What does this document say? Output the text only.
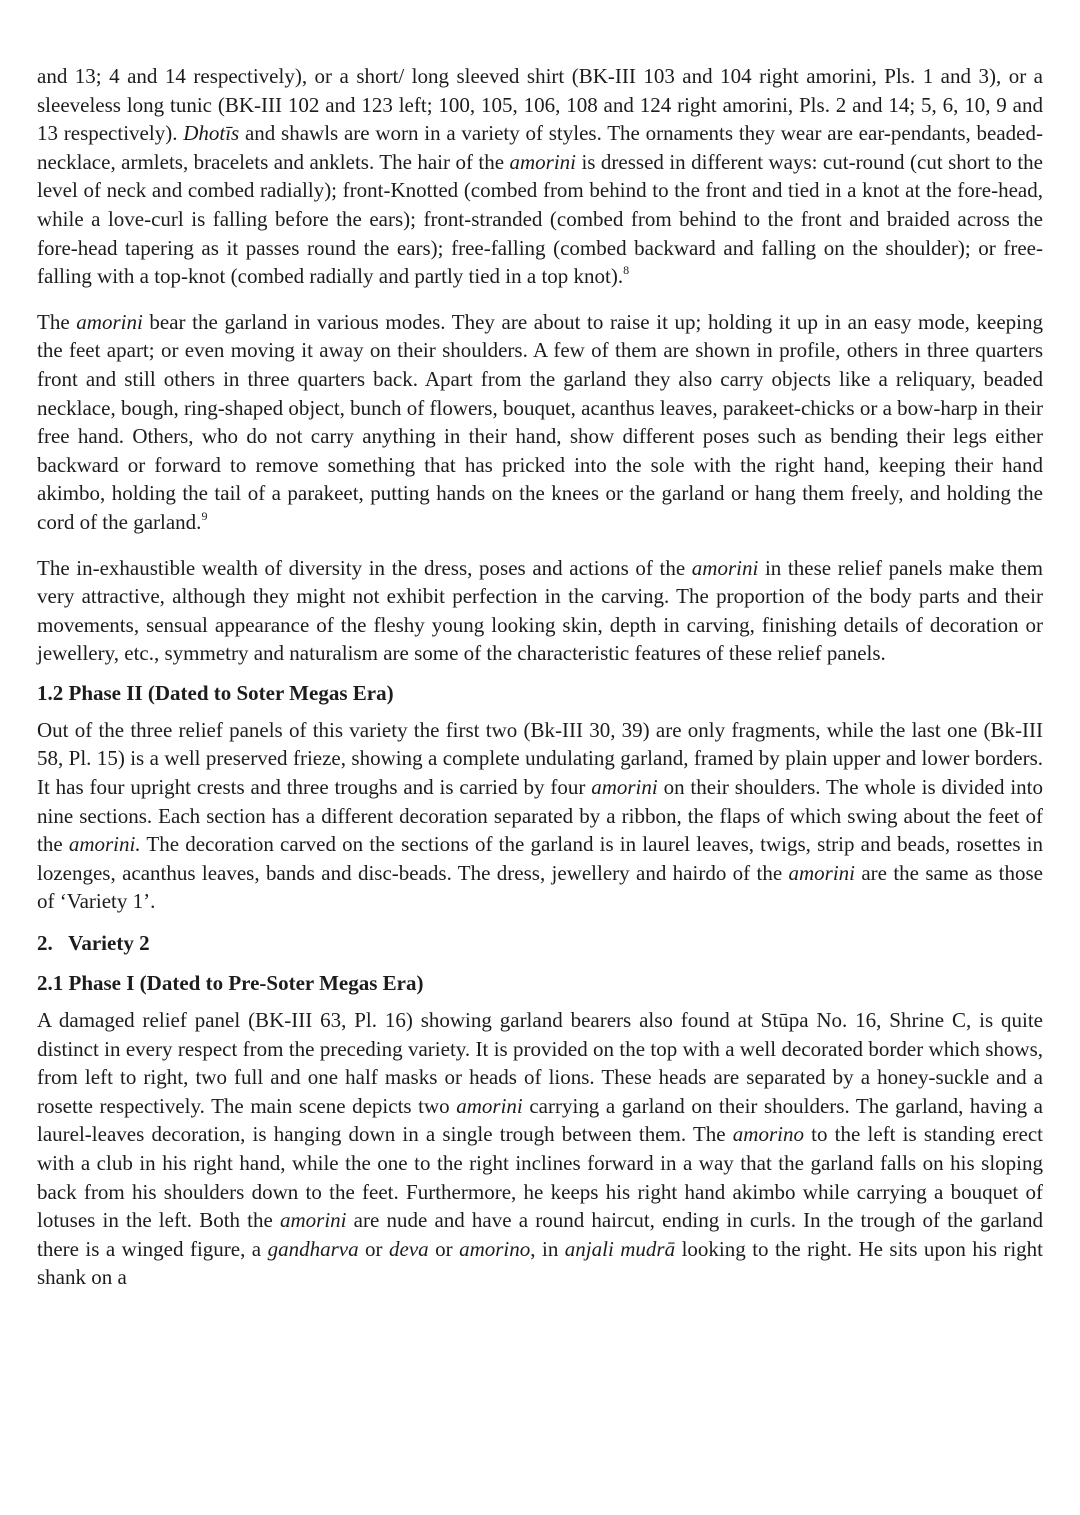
and 13; 4 and 14 respectively), or a short/ long sleeved shirt (BK-III 103 and 104 right amorini, Pls. 1 and 3), or a sleeveless long tunic (BK-III 102 and 123 left; 100, 105, 106, 108 and 124 right amorini, Pls. 2 and 14; 5, 6, 10, 9 and 13 respectively). Dhotīs and shawls are worn in a variety of styles. The ornaments they wear are ear-pendants, beaded-necklace, armlets, bracelets and anklets. The hair of the amorini is dressed in different ways: cut-round (cut short to the level of neck and combed radially); front-Knotted (combed from behind to the front and tied in a knot at the fore-head, while a love-curl is falling before the ears); front-stranded (combed from behind to the front and braided across the fore-head tapering as it passes round the ears); free-falling (combed backward and falling on the shoulder); or free-falling with a top-knot (combed radially and partly tied in a top knot).$^8$

The amorini bear the garland in various modes. They are about to raise it up; holding it up in an easy mode, keeping the feet apart; or even moving it away on their shoulders. A few of them are shown in profile, others in three quarters front and still others in three quarters back. Apart from the garland they also carry objects like a reliquary, beaded necklace, bough, ring-shaped object, bunch of flowers, bouquet, acanthus leaves, parakeet-chicks or a bow-harp in their free hand. Others, who do not carry anything in their hand, show different poses such as bending their legs either backward or forward to remove something that has pricked into the sole with the right hand, keeping their hand akimbo, holding the tail of a parakeet, putting hands on the knees or the garland or hang them freely, and holding the cord of the garland.$^9$

The in-exhaustible wealth of diversity in the dress, poses and actions of the amorini in these relief panels make them very attractive, although they might not exhibit perfection in the carving. The proportion of the body parts and their movements, sensual appearance of the fleshy young looking skin, depth in carving, finishing details of decoration or jewellery, etc., symmetry and naturalism are some of the characteristic features of these relief panels.

1.2 Phase II (Dated to Soter Megas Era)

Out of the three relief panels of this variety the first two (Bk-III 30, 39) are only fragments, while the last one (Bk-III 58, Pl. 15) is a well preserved frieze, showing a complete undulating garland, framed by plain upper and lower borders. It has four upright crests and three troughs and is carried by four amorini on their shoulders. The whole is divided into nine sections. Each section has a different decoration separated by a ribbon, the flaps of which swing about the feet of the amorini. The decoration carved on the sections of the garland is in laurel leaves, twigs, strip and beads, rosettes in lozenges, acanthus leaves, bands and disc-beads. The dress, jewellery and hairdo of the amorini are the same as those of ‘Variety 1’.

2.   Variety 2
2.1 Phase I (Dated to Pre-Soter Megas Era)

A damaged relief panel (BK-III 63, Pl. 16) showing garland bearers also found at Stūpa No. 16, Shrine C, is quite distinct in every respect from the preceding variety. It is provided on the top with a well decorated border which shows, from left to right, two full and one half masks or heads of lions. These heads are separated by a honey-suckle and a rosette respectively. The main scene depicts two amorini carrying a garland on their shoulders. The garland, having a laurel-leaves decoration, is hanging down in a single trough between them. The amorino to the left is standing erect with a club in his right hand, while the one to the right inclines forward in a way that the garland falls on his sloping back from his shoulders down to the feet. Furthermore, he keeps his right hand akimbo while carrying a bouquet of lotuses in the left. Both the amorini are nude and have a round haircut, ending in curls. In the trough of the garland there is a winged figure, a gandharva or deva or amorino, in anjali mudrā looking to the right. He sits upon his right shank on a
